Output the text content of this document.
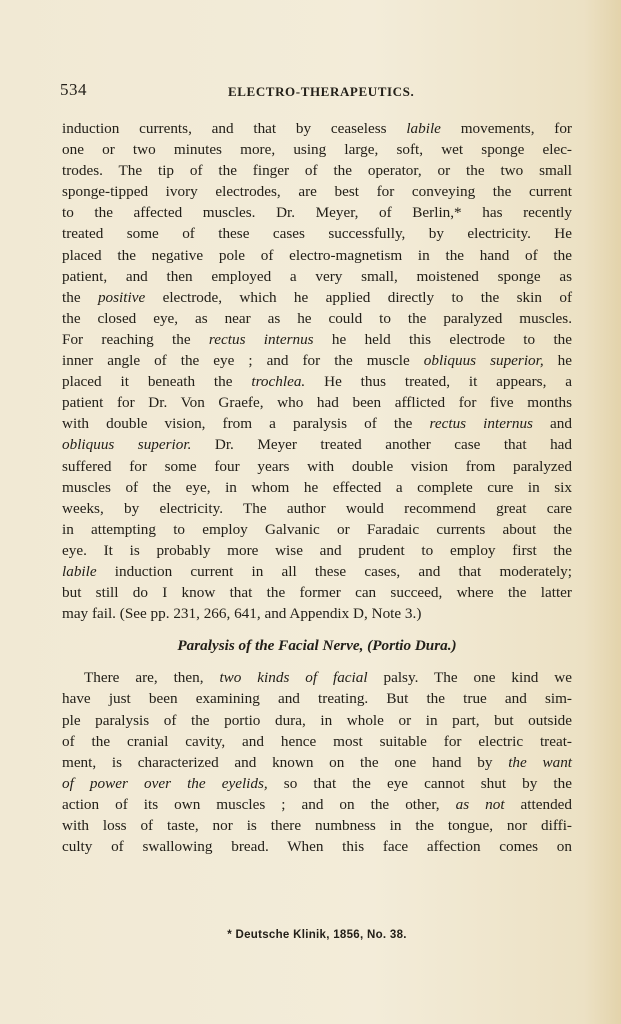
534	ELECTRO-THERAPEUTICS.
induction currents, and that by ceaseless labile movements, for
one or two minutes more, using large, soft, wet sponge elec-
trodes. The tip of the finger of the operator, or the two small
sponge-tipped ivory electrodes, are best for conveying the current
to the affected muscles. Dr. Meyer, of Berlin,* has recently
treated some of these cases successfully, by electricity. He
placed the negative pole of electro-magnetism in the hand of the
patient, and then employed a very small, moistened sponge as
the positive electrode, which he applied directly to the skin of
the closed eye, as near as he could to the paralyzed muscles.
For reaching the rectus internus he held this electrode to the
inner angle of the eye ; and for the muscle obliquus superior, he
placed it beneath the trochlea. He thus treated, it appears, a
patient for Dr. Von Graefe, who had been afflicted for five months
with double vision, from a paralysis of the rectus internus and
obliquus superior. Dr. Meyer treated another case that had
suffered for some four years with double vision from paralyzed
muscles of the eye, in whom he effected a complete cure in six
weeks, by electricity. The author would recommend great care
in attempting to employ Galvanic or Faradaic currents about the
eye. It is probably more wise and prudent to employ first the
labile induction current in all these cases, and that moderately;
but still do I know that the former can succeed, where the latter
may fail. (See pp. 231, 266, 641, and Appendix D, Note 3.)
Paralysis of the Facial Nerve, (Portio Dura.)
There are, then, two kinds of facial palsy. The one kind we
have just been examining and treating. But the true and sim-
ple paralysis of the portio dura, in whole or in part, but outside
of the cranial cavity, and hence most suitable for electric treat-
ment, is characterized and known on the one hand by the want
of power over the eyelids, so that the eye cannot shut by the
action of its own muscles ; and on the other, as not attended
with loss of taste, nor is there numbness in the tongue, nor diffi-
culty of swallowing bread. When this face affection comes on
* Deutsche Klinik, 1856, No. 38.
